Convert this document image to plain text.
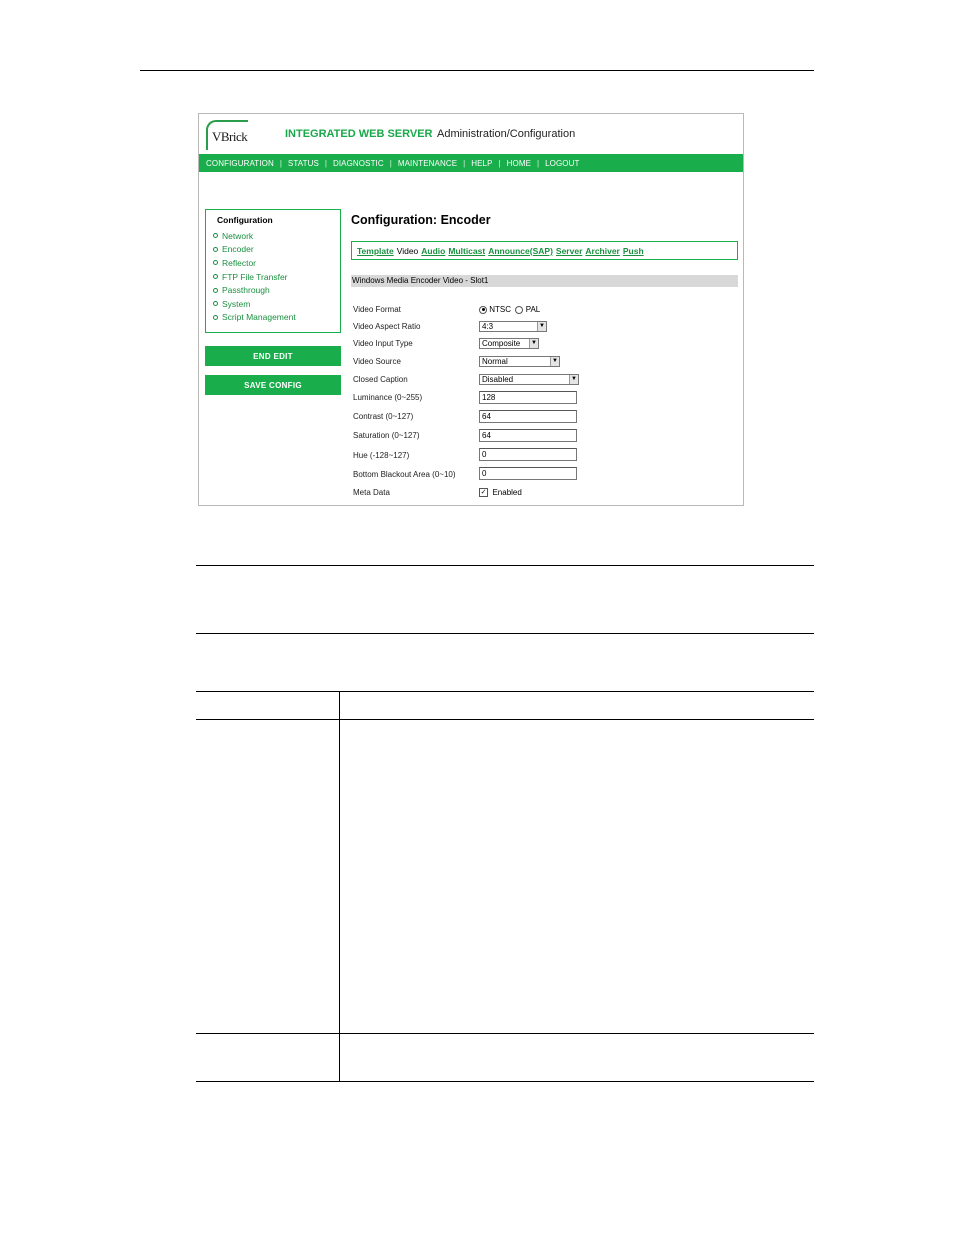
VBrick	INTEGRATED WEB SERVER Administration/Configuration
CONFIGURATION | STATUS | DIAGNOSTIC | MAINTENANCE | HELP | HOME | LOGOUT
Configuration
Network
Encoder
Reflector
FTP File Transfer
Passthrough
System
Script Management
END EDIT
SAVE CONFIG
Configuration: Encoder
Template Video Audio Multicast Announce(SAP) Server Archiver Push
Windows Media Encoder Video - Slot1
Video Format	NTSC PAL
Video Aspect Ratio	4:3	▼
Video Input Type	Composite	▼
Video Source	Normal	▼
Closed Caption	Disabled	▼
Luminance (0~255)	128
Contrast (0~127)	64
Saturation (0~127)	64
Hue (-128~127)	0
Bottom Blackout Area (0~10)	0
Meta Data	✓ Enabled
